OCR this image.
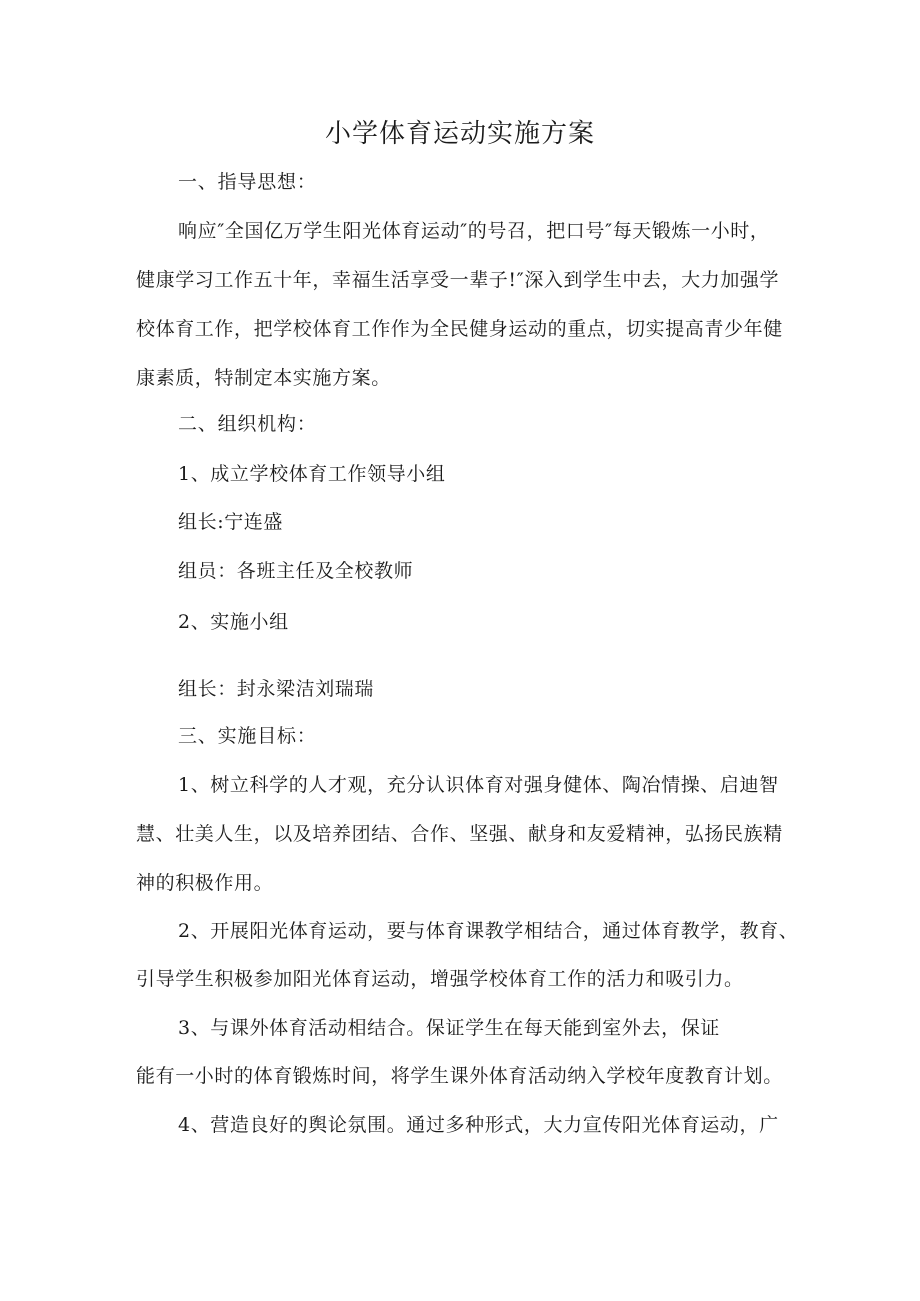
小学体育运动实施方案
一、指导思想：
响应″全国亿万学生阳光体育运动″的号召，把口号″每天锻炼一小时，
健康学习工作五十年，幸福生活享受一辈子!″深入到学生中去，大力加强学
校体育工作，把学校体育工作作为全民健身运动的重点，切实提高青少年健
康素质，特制定本实施方案。
二、组织机构：
1、成立学校体育工作领导小组
组长:宁连盛
组员：各班主任及全校教师
2、实施小组
组长：封永梁洁刘瑞瑞
三、实施目标：
1、树立科学的人才观，充分认识体育对强身健体、陶冶情操、启迪智
慧、壮美人生，以及培养团结、合作、坚强、献身和友爱精神，弘扬民族精
神的积极作用。
2、开展阳光体育运动，要与体育课教学相结合，通过体育教学，教育、
引导学生积极参加阳光体育运动，增强学校体育工作的活力和吸引力。
3、与课外体育活动相结合。保证学生在每天能到室外去，保证
能有一小时的体育锻炼时间，将学生课外体育活动纳入学校年度教育计划。
4、营造良好的舆论氛围。通过多种形式，大力宣传阳光体育运动，广
